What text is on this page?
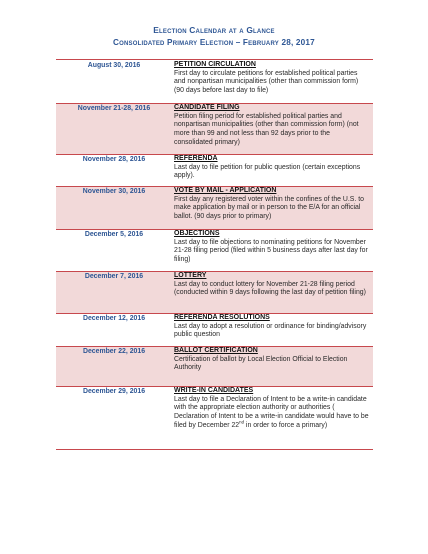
Election Calendar at a Glance
Consolidated Primary Election – February 28, 2017
August 30, 2016	PETITION CIRCULATION
First day to circulate petitions for established political parties and nonpartisan municipalities (other than commission form) (90 days before last day to file)
November 21-28, 2016	CANDIDATE FILING
Petition filing period for established political parties and nonpartisan municipalities (other than commission form) (not more than 99 and not less than 92 days prior to the consolidated primary)
November 28, 2016	REFERENDA
Last day to file petition for public question (certain exceptions apply).
November 30, 2016	VOTE BY MAIL - APPLICATION
First day any registered voter within the confines of the U.S. to make application by mail or in person to the E/A for an official ballot. (90 days prior to primary)
December 5, 2016	OBJECTIONS
Last day to file objections to nominating petitions for November 21-28 filing period (filed within 5 business days after last day for filing)
December 7, 2016	LOTTERY
Last day to conduct lottery for November 21-28 filing period (conducted within 9 days following the last day of petition filing)
December 12, 2016	REFERENDA RESOLUTIONS
Last day to adopt a resolution or ordinance for binding/advisory public question
December 22, 2016	BALLOT CERTIFICATION
Certification of ballot by Local Election Official to Election Authority
December 29, 2016	WRITE-IN CANDIDATES
Last day to file a Declaration of Intent to be a write-in candidate with the appropriate election authority or authorities ( Declaration of Intent to be a write-in candidate would have to be filed by December 22nd in order to force a primary)
